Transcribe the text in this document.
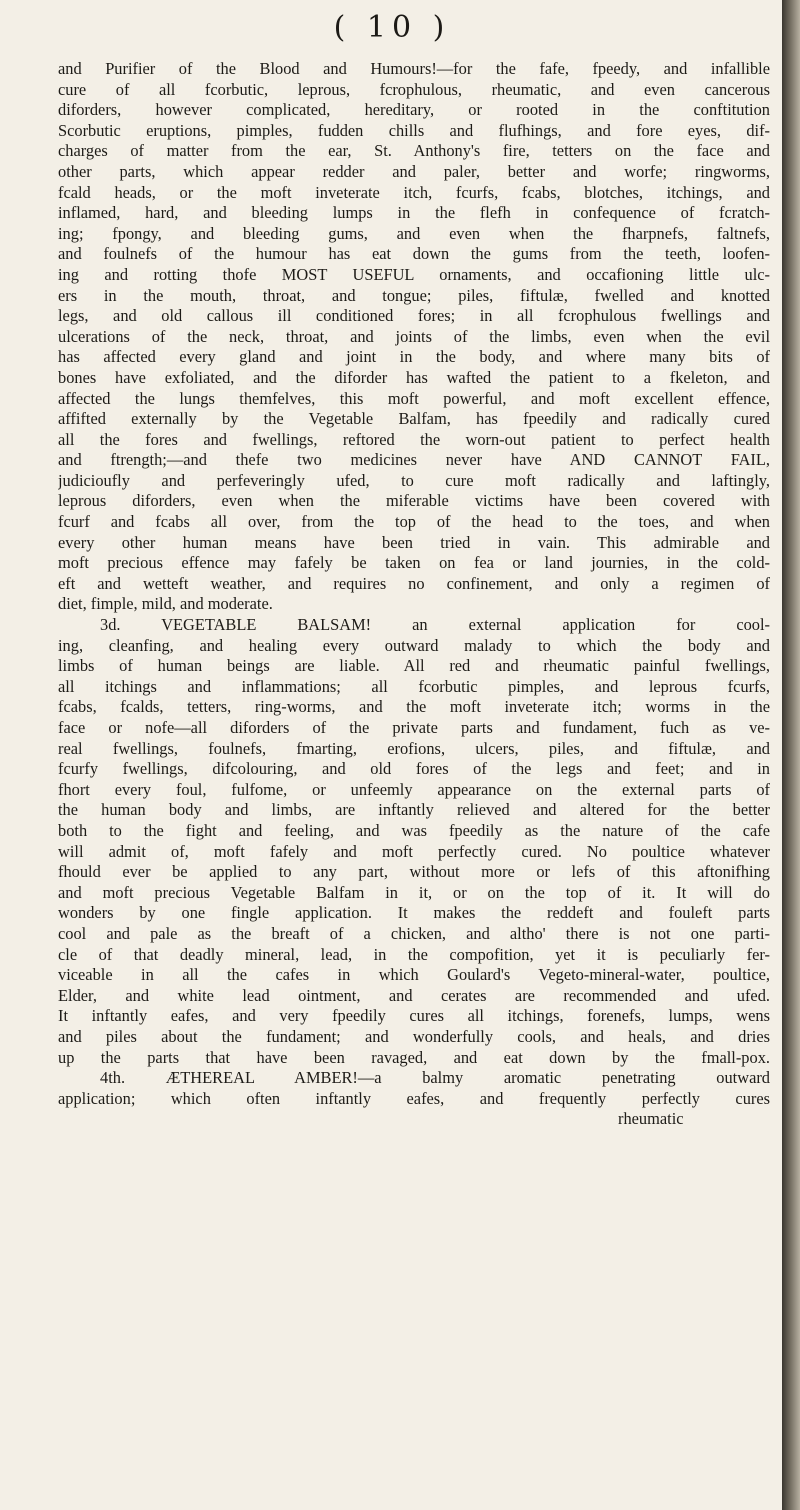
( 10 )
and Purifier of the Blood and Humours!—for the fafe, fpeedy, and infallible
cure of all fcorbutic, leprous, fcrophulous, rheumatic, and even cancerous
diforders, however complicated, hereditary, or rooted in the conftitution
Scorbutic eruptions, pimples, fudden chills and flufhings, and fore eyes, dif-
charges of matter from the ear, St. Anthony's fire, tetters on the face and
other parts, which appear redder and paler, better and worfe; ringworms,
fcald heads, or the moft inveterate itch, fcurfs, fcabs, blotches, itchings, and
inflamed, hard, and bleeding lumps in the flefh in confequence of fcratch-
ing; fpongy, and bleeding gums, and even when the fharpnefs, faltnefs,
and foulnefs of the humour has eat down the gums from the teeth, loofen-
ing and rotting thofe MOST USEFUL ornaments, and occafioning little ulc-
ers in the mouth, throat, and tongue; piles, fiftulæ, fwelled and knotted
legs, and old callous ill conditioned fores; in all fcrophulous fwellings and
ulcerations of the neck, throat, and joints of the limbs, even when the evil
has affected every gland and joint in the body, and where many bits of
bones have exfoliated, and the diforder has wafted the patient to a fkeleton, and
affected the lungs themfelves, this moft powerful, and moft excellent effence,
affifted externally by the Vegetable Balfam, has fpeedily and radically cured
all the fores and fwellings, reftored the worn-out patient to perfect health
and ftrength;—and thefe two medicines never have AND CANNOT FAIL,
judicioufly and perfeveringly ufed, to cure moft radically and laftingly,
leprous diforders, even when the miferable victims have been covered with
fcurf and fcabs all over, from the top of the head to the toes, and when
every other human means have been tried in vain. This admirable and
moft precious effence may fafely be taken on fea or land journies, in the cold-
eft and wetteft weather, and requires no confinement, and only a regimen of
diet, fimple, mild, and moderate.
3d. VEGETABLE BALSAM! an external application for cool-
ing, cleanfing, and healing every outward malady to which the body and
limbs of human beings are liable. All red and rheumatic painful fwellings,
all itchings and inflammations; all fcorbutic pimples, and leprous fcurfs,
fcabs, fcalds, tetters, ring-worms, and the moft inveterate itch; worms in the
face or nofe—all diforders of the private parts and fundament, fuch as ve-
real fwellings, foulnefs, fmarting, erofions, ulcers, piles, and fiftulæ, and
fcurfy fwellings, difcolouring, and old fores of the legs and feet; and in
fhort every foul, fulfome, or unfeemly appearance on the external parts of
the human body and limbs, are inftantly relieved and altered for the better
both to the fight and feeling, and was fpeedily as the nature of the cafe
will admit of, moft fafely and moft perfectly cured. No poultice whatever
fhould ever be applied to any part, without more or lefs of this aftonifhing
and moft precious Vegetable Balfam in it, or on the top of it. It will do
wonders by one fingle application. It makes the reddeft and fouleft parts
cool and pale as the breaft of a chicken, and altho' there is not one parti-
cle of that deadly mineral, lead, in the compofition, yet it is peculiarly fer-
viceable in all the cafes in which Goulard's Vegeto-mineral-water, poultice,
Elder, and white lead ointment, and cerates are recommended and ufed.
It inftantly eafes, and very fpeedily cures all itchings, forenefs, lumps, wens
and piles about the fundament; and wonderfully cools, and heals, and dries
up the parts that have been ravaged, and eat down by the fmall-pox.
4th. ÆTHEREAL AMBER!—a balmy aromatic penetrating outward
application; which often inftantly eafes, and frequently perfectly cures
rheumatic
